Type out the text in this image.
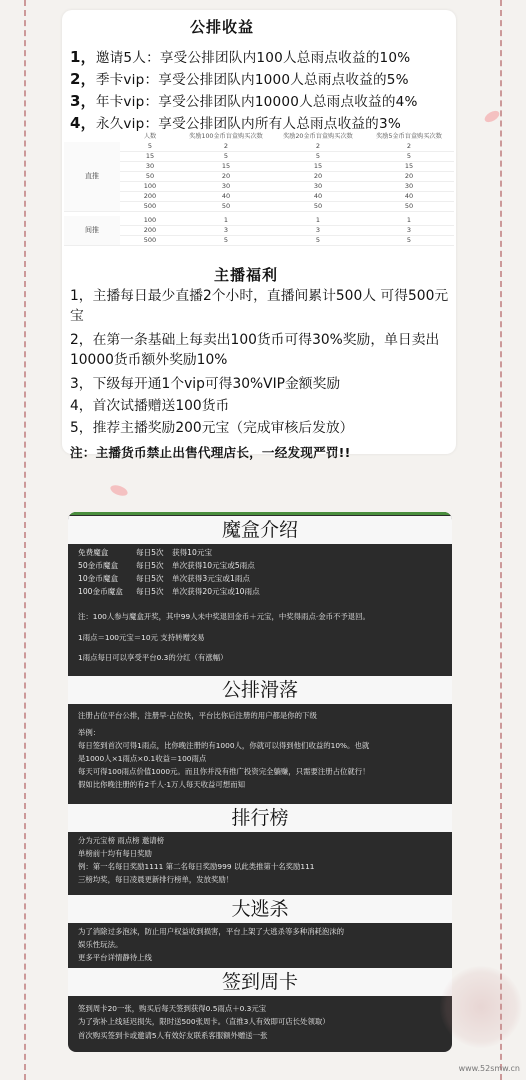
公排收益
1，邀请5人：享受公排团队内100人总雨点收益的10%
2，季卡vip：享受公排团队内1000人总雨点收益的5%
3，年卡vip：享受公排团队内10000人总雨点收益的4%
4，永久vip：享受公排团队内所有人总雨点收益的3%
	人数	奖励100金币盲盒购买次数	奖励20金币盲盒购买次数	奖励5金币盲盒购买次数
直推	5	2	2	2
	15	5	5	5
	30	15	15	15
	50	20	20	20
	100	30	30	30
	200	40	40	40
	500	50	50	50

间推	100	1	1	1
	200	3	3	3
	500	5	5	5
主播福利
1，主播每日最少直播2个小时，直播间累计500人 可得500元宝
2，在第一条基础上每卖出100货币可得30%奖励，单日卖出10000货币额外奖励10%
3，下级每开通1个vip可得30%VIP金额奖励
4，首次试播赠送100货币
5，推荐主播奖励200元宝（完成审核后发放）
注：主播货币禁止出售代理店长，一经发现严罚!!
魔盒介绍
免费魔盒	每日5次 获得10元宝
50金币魔盒 每日5次 单次获得10元宝或5雨点
10金币魔盒 每日5次 单次获得3元宝或1雨点
100金币魔盒 每日5次 单次获得20元宝或10雨点
注：100人参与魔盒开奖，其中99人未中奖退回金币＋元宝，中奖得雨点·金币不予退回。
1雨点＝100元宝＝10元 支持转赠交易
1雨点每日可以享受平台0.3的分红（有涨幅）
公排滑落
注册占位平台公排，注册早·占位快，平台比你后注册的用户都是你的下级
举例：
每日签到首次可得1雨点，比你晚注册的有1000人，你就可以得到他们收益的10%。也就
是1000人×1雨点×0.1收益＝100雨点
每天可得100雨点价值1000元。而且你并没有推广投资完全躺赚，只需要注册占位就行！
假如比你晚注册的有2千人·1万人每天收益可想而知
排行榜
分为元宝榜 雨点榜 邀请榜
单榜前十均有每日奖励
例：第一名每日奖励1111 第二名每日奖励999 以此类推第十名奖励111
三榜均奖，每日凌晨更新排行榜单，发放奖励！
大逃杀
为了消除过多泡沫，防止用户权益收到损害，平台上架了大逃杀等多种消耗泡沫的
娱乐性玩法。
更多平台详情静待上线
签到周卡
签到周卡20一张，购买后每天签到获得0.5雨点＋0.3元宝
为了弥补上线延迟损失，限时送500张周卡。（直推3人有效即可店长处领取）
首次购买签到卡或邀请5人有效好友联系客服额外赠送一张
www.52smw.cn
